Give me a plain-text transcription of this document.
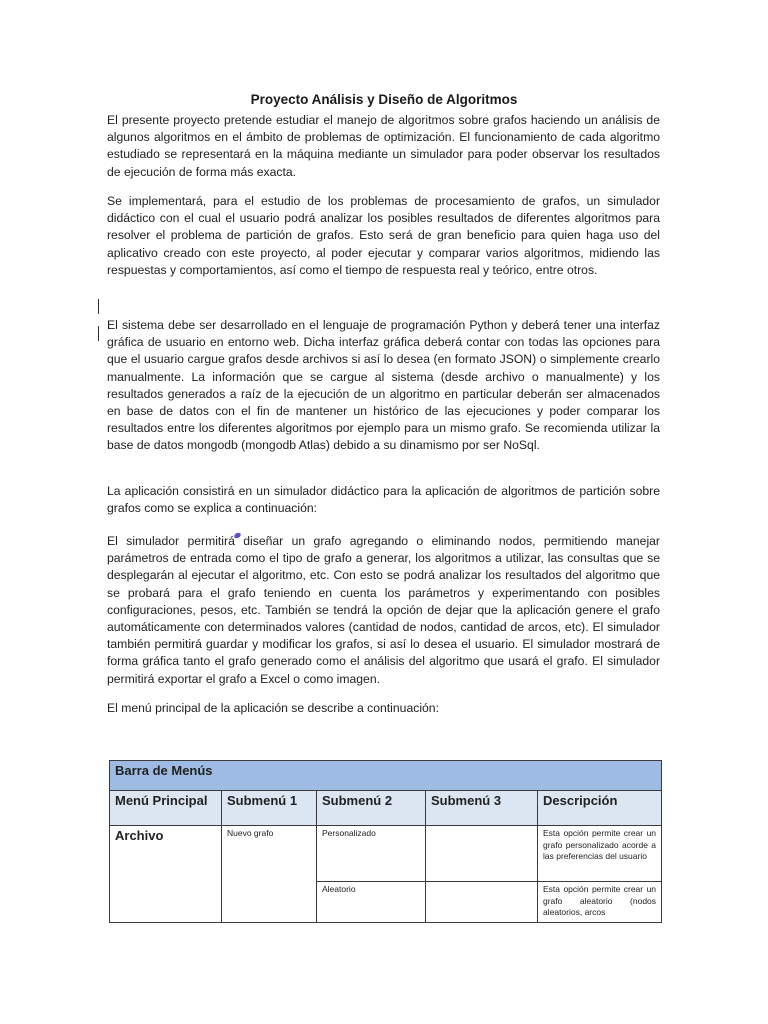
Proyecto Análisis y Diseño de Algoritmos

El presente proyecto pretende estudiar el manejo de algoritmos sobre grafos haciendo un análisis de algunos algoritmos en el ámbito de problemas de optimización. El funcionamiento de cada algoritmo estudiado se representará en la máquina mediante un simulador para poder observar los resultados de ejecución de forma más exacta.

Se implementará, para el estudio de los problemas de procesamiento de grafos, un simulador didáctico con el cual el usuario podrá analizar los posibles resultados de diferentes algoritmos para resolver el problema de partición de grafos. Esto será de gran beneficio para quien haga uso del aplicativo creado con este proyecto, al poder ejecutar y comparar varios algoritmos, midiendo las respuestas y comportamientos, así como el tiempo de respuesta real y teórico, entre otros.

El sistema debe ser desarrollado en el lenguaje de programación Python y deberá tener una interfaz gráfica de usuario en entorno web. Dicha interfaz gráfica deberá contar con todas las opciones para que el usuario cargue grafos desde archivos si así lo desea (en formato JSON) o simplemente crearlo manualmente. La información que se cargue al sistema (desde archivo o manualmente) y los resultados generados a raíz de la ejecución de un algoritmo en particular deberán ser almacenados en base de datos con el fin de mantener un histórico de las ejecuciones y poder comparar los resultados entre los diferentes algoritmos por ejemplo para un mismo grafo. Se recomienda utilizar la base de datos mongodb (mongodb Atlas) debido a su dinamismo por ser NoSql.

La aplicación consistirá en un simulador didáctico para la aplicación de algoritmos de partición sobre grafos como se explica a continuación:

El simulador permitirá diseñar un grafo agregando o eliminando nodos, permitiendo manejar parámetros de entrada como el tipo de grafo a generar, los algoritmos a utilizar, las consultas que se desplegarán al ejecutar el algoritmo, etc. Con esto se podrá analizar los resultados del algoritmo que se probará para el grafo teniendo en cuenta los parámetros y experimentando con posibles configuraciones, pesos, etc. También se tendrá la opción de dejar que la aplicación genere el grafo automáticamente con determinados valores (cantidad de nodos, cantidad de arcos, etc). El simulador también permitirá guardar y modificar los grafos, si así lo desea el usuario. El simulador mostrará de forma gráfica tanto el grafo generado como el análisis del algoritmo que usará el grafo. El simulador permitirá exportar el grafo a Excel o como imagen.

El menú principal de la aplicación se describe a continuación:

Barra de Menús				
Menú Principal	Submenú 1	Submenú 2	Submenú 3	Descripción
Archivo	Nuevo grafo	Personalizado		Esta opción permite crear un grafo personalizado acorde a las preferencias del usuario
		Aleatorio		Esta opción permite crear un grafo aleatorio (nodos aleatorios, arcos
